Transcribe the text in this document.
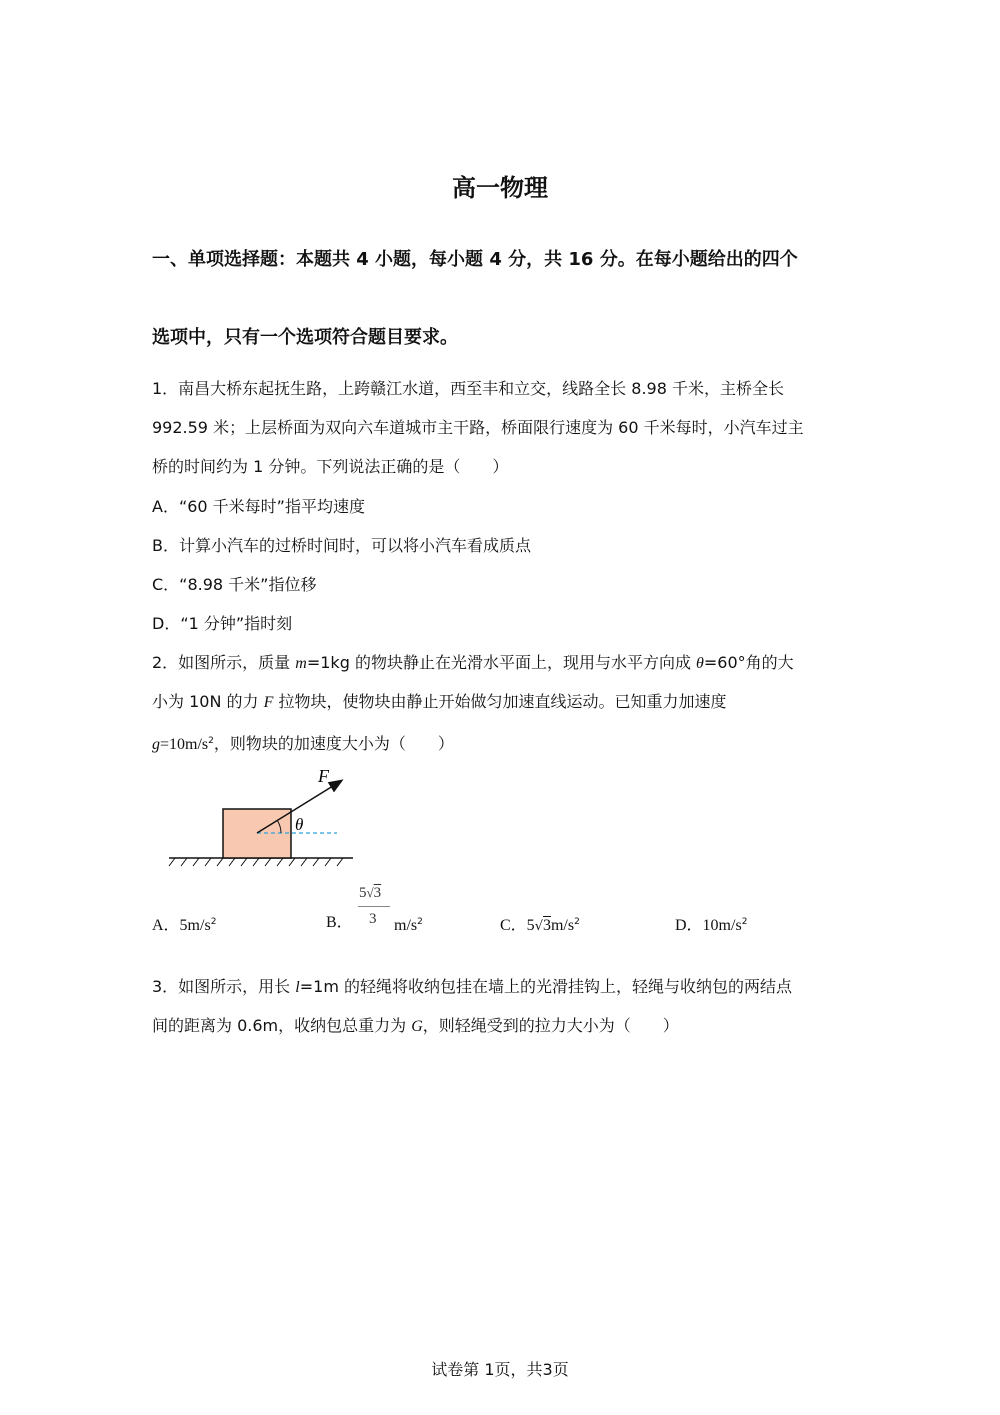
高一物理
一、单项选择题：本题共 4 小题，每小题 4 分，共 16 分。在每小题给出的四个
选项中，只有一个选项符合题目要求。
1．南昌大桥东起抚生路，上跨赣江水道，西至丰和立交，线路全长 8.98 千米，主桥全长
992.59 米；上层桥面为双向六车道城市主干路，桥面限行速度为 60 千米每时，小汽车过主
桥的时间约为 1 分钟。下列说法正确的是（　　）
A．“60 千米每时”指平均速度
B．计算小汽车的过桥时间时，可以将小汽车看成质点
C．“8.98 千米”指位移
D．“1 分钟”指时刻
2．如图所示，质量 m=1kg 的物块静止在光滑水平面上，现用与水平方向成 θ=60°角的大
小为 10N 的力 F 拉物块，使物块由静止开始做匀加速直线运动。已知重力加速度
$g=10m/s^2$，则物块的加速度大小为（　　）
θ
F
A．$5m/s^2$	B．
5√3
3 $m/s^2$	C．$5√3m/s^2$	D．$10m/s^2$
3．如图所示，用长 l=1m 的轻绳将收纳包挂在墙上的光滑挂钩上，轻绳与收纳包的两结点
间的距离为 0.6m，收纳包总重力为 G，则轻绳受到的拉力大小为（　　）
试卷第 1页，共3页
